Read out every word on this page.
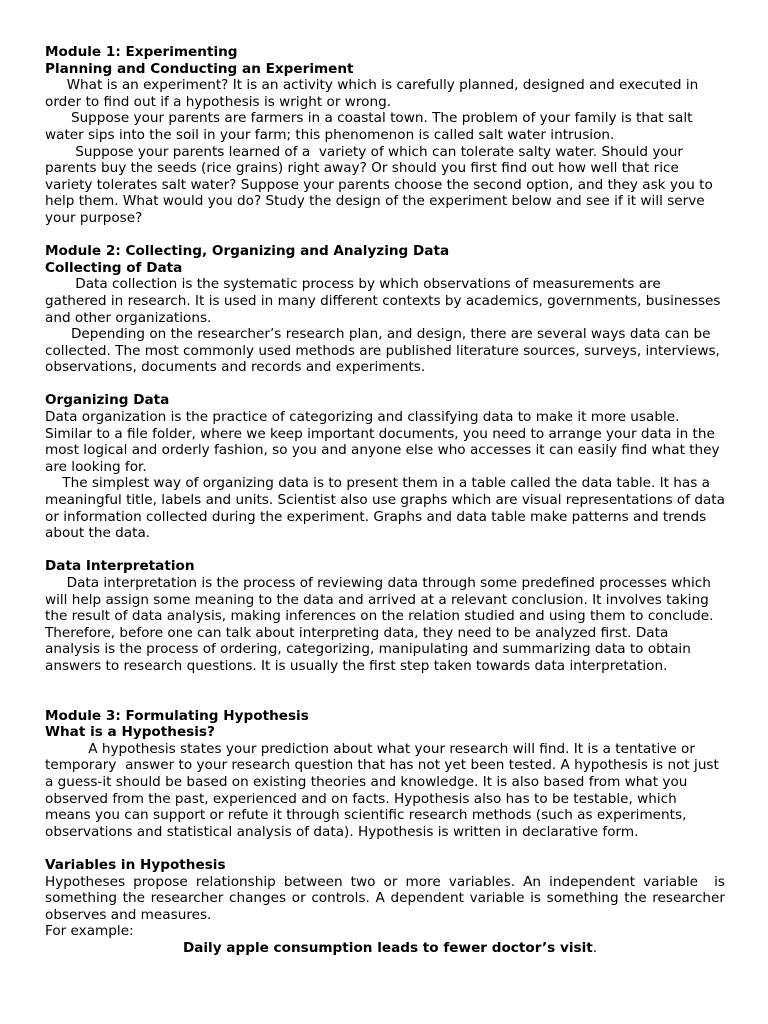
Module 1: Experimenting

Planning and Conducting an Experiment

What is an experiment? It is an activity which is carefully planned, designed and executed in order to find out if a hypothesis is wright or wrong.

Suppose your parents are farmers in a coastal town. The problem of your family is that salt water sips into the soil in your farm; this phenomenon is called salt water intrusion.

Suppose your parents learned of a  variety of which can tolerate salty water. Should your parents buy the seeds (rice grains) right away? Or should you first find out how well that rice variety tolerates salt water? Suppose your parents choose the second option, and they ask you to help them. What would you do? Study the design of the experiment below and see if it will serve your purpose?

Module 2: Collecting, Organizing and Analyzing Data

Collecting of Data

Data collection is the systematic process by which observations of measurements are gathered in research. It is used in many different contexts by academics, governments, businesses and other organizations.

Depending on the researcher’s research plan, and design, there are several ways data can be collected. The most commonly used methods are published literature sources, surveys, interviews, observations, documents and records and experiments.

Organizing Data

Data organization is the practice of categorizing and classifying data to make it more usable. Similar to a file folder, where we keep important documents, you need to arrange your data in the most logical and orderly fashion, so you and anyone else who accesses it can easily find what they are looking for.

The simplest way of organizing data is to present them in a table called the data table. It has a meaningful title, labels and units. Scientist also use graphs which are visual representations of data or information collected during the experiment. Graphs and data table make patterns and trends about the data.

Data Interpretation

Data interpretation is the process of reviewing data through some predefined processes which will help assign some meaning to the data and arrived at a relevant conclusion. It involves taking the result of data analysis, making inferences on the relation studied and using them to conclude. Therefore, before one can talk about interpreting data, they need to be analyzed first. Data analysis is the process of ordering, categorizing, manipulating and summarizing data to obtain answers to research questions. It is usually the first step taken towards data interpretation.

Module 3: Formulating Hypothesis

What is a Hypothesis?

A hypothesis states your prediction about what your research will find. It is a tentative or temporary  answer to your research question that has not yet been tested. A hypothesis is not just a guess-it should be based on existing theories and knowledge. It is also based from what you observed from the past, experienced and on facts. Hypothesis also has to be testable, which means you can support or refute it through scientific research methods (such as experiments, observations and statistical analysis of data). Hypothesis is written in declarative form.

Variables in Hypothesis

Hypotheses propose relationship between two or more variables. An independent variable  is something the researcher changes or controls. A dependent variable is something the researcher observes and measures.

For example:

Daily apple consumption leads to fewer doctor’s visit.
